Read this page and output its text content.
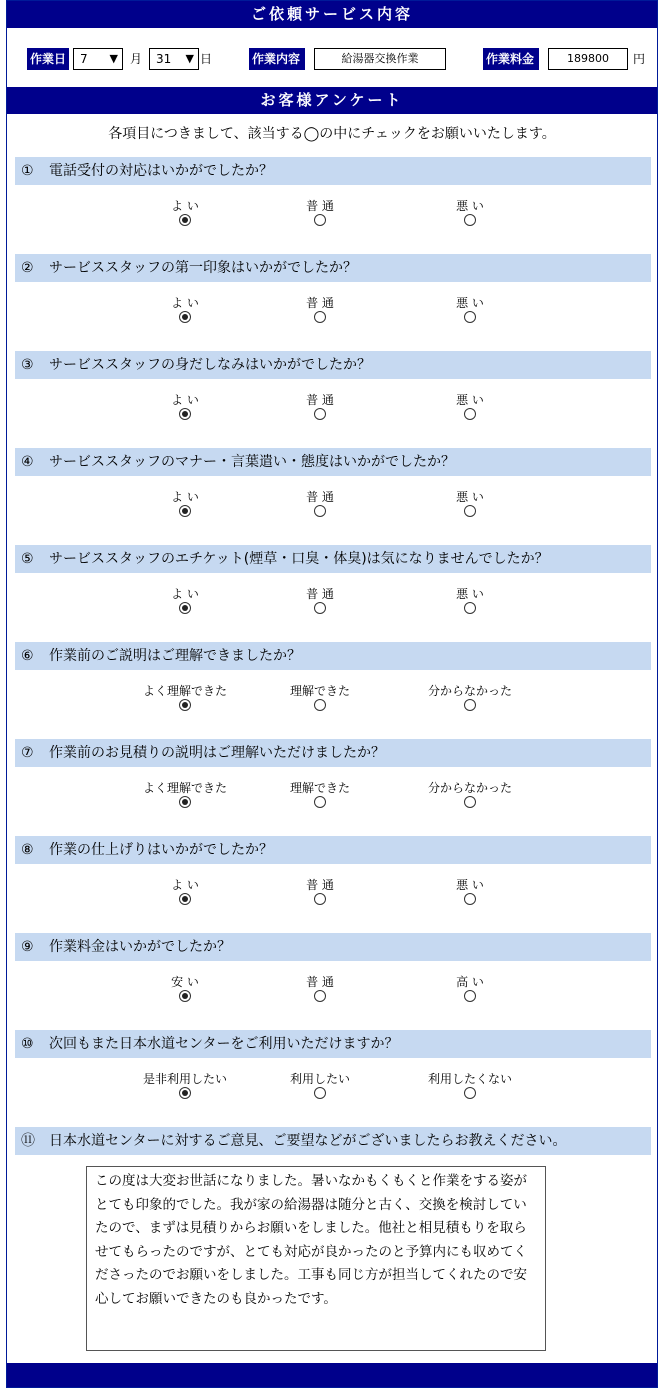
ご依頼サービス内容
作業日	7 ▼ 月	31 ▼ 日	作業内容	給湯器交換作業	作業料金	189800	円
お客様アンケート
各項目につきまして、該当する◯の中にチェックをお願いいたします。
① 電話受付の対応はいかがでしたか？
よ い	普 通	悪 い
② サービススタッフの第一印象はいかがでしたか？
よ い	普 通	悪 い
③ サービススタッフの身だしなみはいかがでしたか？
よ い	普 通	悪 い
④ サービススタッフのマナー・言葉遣い・態度はいかがでしたか？
よ い	普 通	悪 い
⑤ サービススタッフのエチケット(煙草・口臭・体臭)は気になりませんでしたか？
よ い	普 通	悪 い
⑥ 作業前のご説明はご理解できましたか？
よく理解できた	理解できた	分からなかった
⑦ 作業前のお見積りの説明はご理解いただけましたか？
よく理解できた	理解できた	分からなかった
⑧ 作業の仕上げりはいかがでしたか？
よ い	普 通	悪 い
⑨ 作業料金はいかがでしたか？
安 い	普 通	高 い
⑩ 次回もまた日本水道センターをご利用いただけますか？
是非利用したい	利用したい	利用したくない
⑪ 日本水道センターに対するご意見、ご要望などがございましたらお教えください。
この度は大変お世話になりました。暑いなかもくもくと作業をする姿がとても印象的でした。我が家の給湯器は随分と古く、交換を検討していたので、まずは見積りからお願いをしました。他社と相見積もりを取らせてもらったのですが、とても対応が良かったのと予算内にも収めてくださったのでお願いをしました。工事も同じ方が担当してくれたので安心してお願いできたのも良かったです。
